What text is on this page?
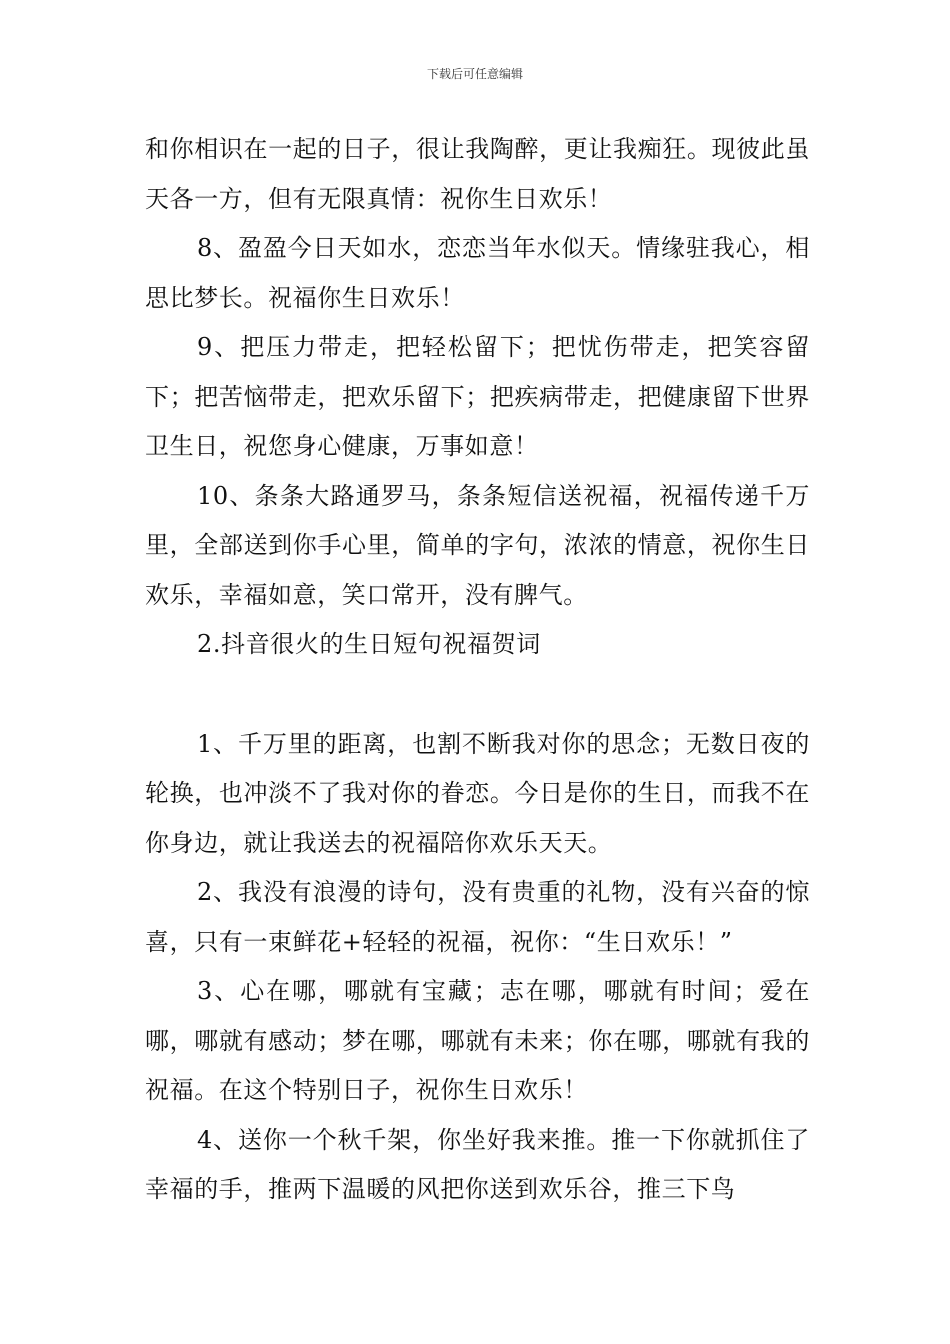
下载后可任意编辑

和你相识在一起的日子，很让我陶醉，更让我痴狂。现彼此虽天各一方，但有无限真情：祝你生日欢乐！

8、盈盈今日天如水，恋恋当年水似天。情缘驻我心，相思比梦长。祝福你生日欢乐！

9、把压力带走，把轻松留下；把忧伤带走，把笑容留下；把苦恼带走，把欢乐留下；把疾病带走，把健康留下世界卫生日，祝您身心健康，万事如意！

10、条条大路通罗马，条条短信送祝福，祝福传递千万里，全部送到你手心里，简单的字句，浓浓的情意，祝你生日欢乐，幸福如意，笑口常开，没有脾气。

2.抖音很火的生日短句祝福贺词

1、千万里的距离，也割不断我对你的思念；无数日夜的轮换，也冲淡不了我对你的眷恋。今日是你的生日，而我不在你身边，就让我送去的祝福陪你欢乐天天。

2、我没有浪漫的诗句，没有贵重的礼物，没有兴奋的惊喜，只有一束鲜花+轻轻的祝福，祝你：“生日欢乐！”

3、心在哪，哪就有宝藏；志在哪，哪就有时间；爱在哪，哪就有感动；梦在哪，哪就有未来；你在哪，哪就有我的祝福。在这个特别日子，祝你生日欢乐！

4、送你一个秋千架，你坐好我来推。推一下你就抓住了幸福的手，推两下温暖的风把你送到欢乐谷，推三下鸟
